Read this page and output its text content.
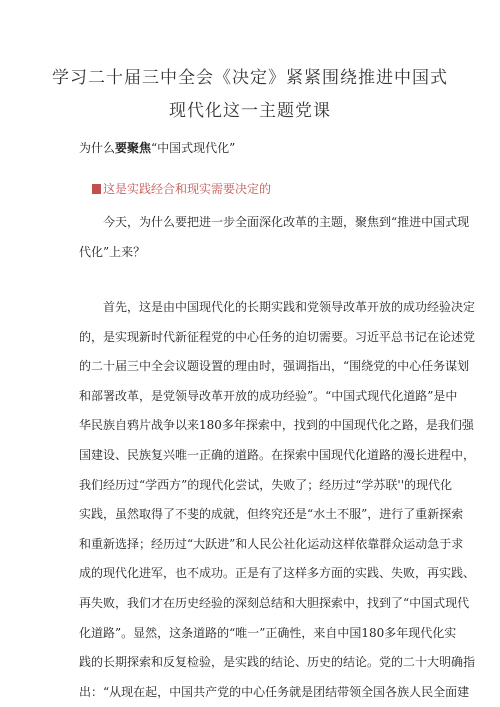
学习二十届三中全会《决定》紧紧围绕推进中国式
现代化这一主题党课
为什么要聚焦“中国式现代化”
这是实践经合和现实需要决定的
今天，为什么要把进一步全面深化改革的主题，聚焦到“推进中国式现
代化”上来？
首先，这是由中国现代化的长期实践和党领导改革开放的成功经验决定
的，是实现新时代新征程党的中心任务的迫切需要。习近平总书记在论述党
的二十届三中全会议题设置的理由时，强调指出，“围绕党的中心任务谋划
和部署改革，是党领导改革开放的成功经验”。“中国式现代化道路”是中
华民族自鸦片战争以来180多年探索中，找到的中国现代化之路，是我们强
国建设、民族复兴唯一正确的道路。在探索中国现代化道路的漫长进程中，
我们经历过“学西方”的现代化尝试，失败了；经历过“学苏联''的现代化
实践，虽然取得了不斐的成就，但终究还是“水土不服”，进行了重新探索
和重新选择；经历过“大跃进”和人民公社化运动这样依靠群众运动急于求
成的现代化进军，也不成功。正是有了这样多方面的实践、失败，再实践、
再失败，我们才在历史经验的深刻总结和大胆探索中，找到了“中国式现代
化道路”。显然，这条道路的“唯一”正确性，来自中国180多年现代化实
践的长期探索和反复检验，是实践的结论、历史的结论。党的二十大明确指
出：“从现在起，中国共产党的中心任务就是团结带领全国各族人民全面建
